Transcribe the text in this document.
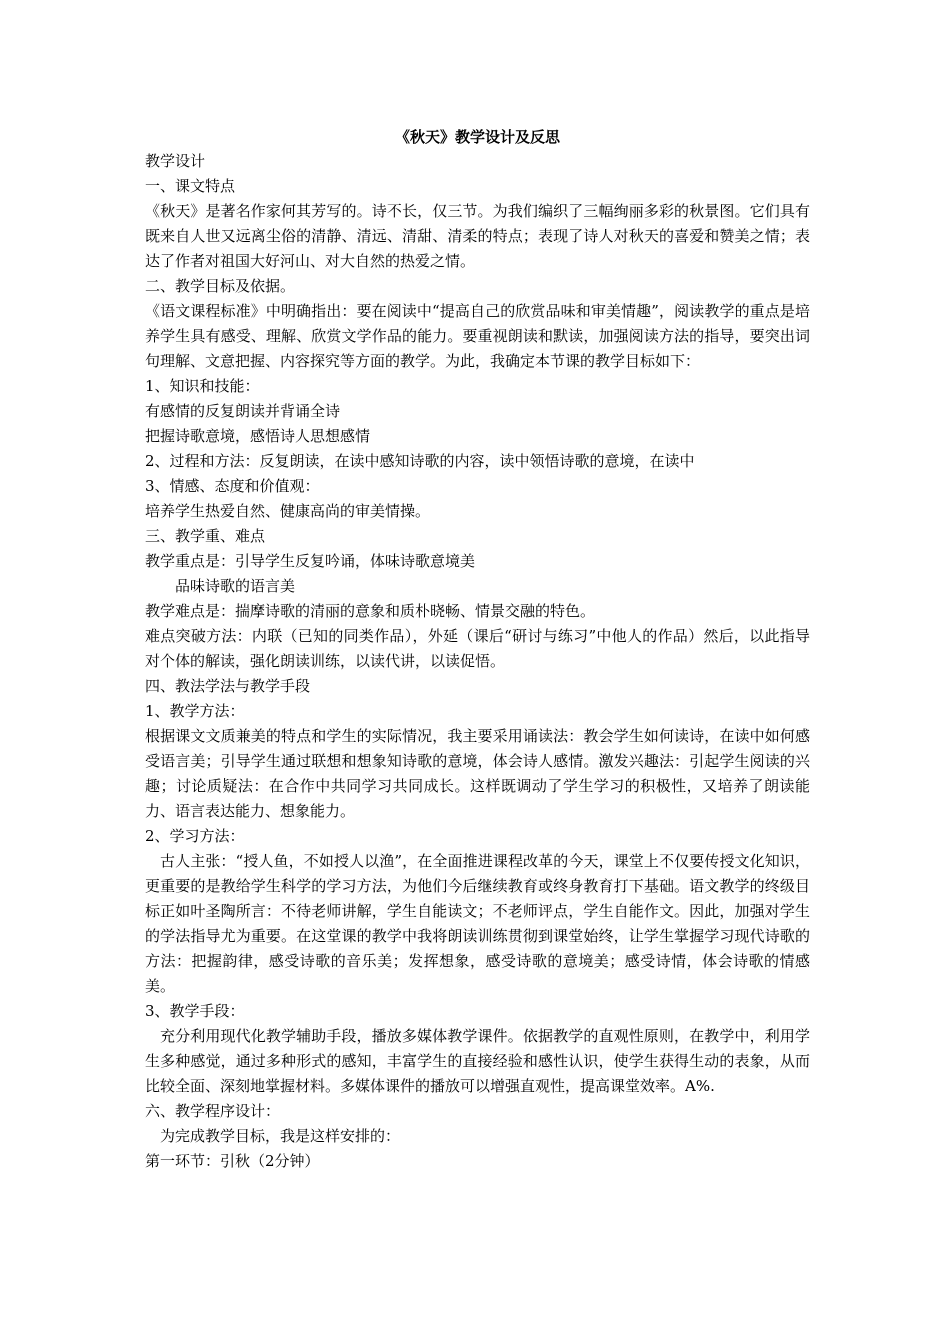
《秋天》教学设计及反思

教学设计

一、课文特点

《秋天》是著名作家何其芳写的。诗不长，仅三节。为我们编织了三幅绚丽多彩的秋景图。它们具有既来自人世又远离尘俗的清静、清远、清甜、清柔的特点；表现了诗人对秋天的喜爱和赞美之情；表达了作者对祖国大好河山、对大自然的热爱之情。

二、教学目标及依据。

《语文课程标准》中明确指出：要在阅读中“提高自己的欣赏品味和审美情趣”，阅读教学的重点是培养学生具有感受、理解、欣赏文学作品的能力。要重视朗读和默读，加强阅读方法的指导，要突出词句理解、文意把握、内容探究等方面的教学。为此，我确定本节课的教学目标如下：

1、知识和技能：

有感情的反复朗读并背诵全诗

把握诗歌意境，感悟诗人思想感情

2、过程和方法：反复朗读，在读中感知诗歌的内容，读中领悟诗歌的意境，在读中

3、情感、态度和价值观：

培养学生热爱自然、健康高尚的审美情操。

三、教学重、难点

教学重点是：引导学生反复吟诵，体味诗歌意境美

品味诗歌的语言美

教学难点是：揣摩诗歌的清丽的意象和质朴晓畅、情景交融的特色。

难点突破方法：内联（已知的同类作品），外延（课后“研讨与练习”中他人的作品）然后，以此指导对个体的解读，强化朗读训练，以读代讲，以读促悟。

四、教法学法与教学手段

1、教学方法：

根据课文文质兼美的特点和学生的实际情况，我主要采用诵读法：教会学生如何读诗，在读中如何感受语言美；引导学生通过联想和想象知诗歌的意境，体会诗人感情。激发兴趣法：引起学生阅读的兴趣；讨论质疑法：在合作中共同学习共同成长。这样既调动了学生学习的积极性，又培养了朗读能力、语言表达能力、想象能力。

2、学习方法：

古人主张：“授人鱼，不如授人以渔”，在全面推进课程改革的今天，课堂上不仅要传授文化知识，更重要的是教给学生科学的学习方法，为他们今后继续教育或终身教育打下基础。语文教学的终级目标正如叶圣陶所言：不待老师讲解，学生自能读文；不老师评点，学生自能作文。因此，加强对学生的学法指导尤为重要。在这堂课的教学中我将朗读训练贯彻到课堂始终，让学生掌握学习现代诗歌的方法：把握韵律，感受诗歌的音乐美；发挥想象，感受诗歌的意境美；感受诗情，体会诗歌的情感美。

3、教学手段：

充分利用现代化教学辅助手段，播放多媒体教学课件。依据教学的直观性原则，在教学中，利用学生多种感觉，通过多种形式的感知，丰富学生的直接经验和感性认识，使学生获得生动的表象，从而比较全面、深刻地掌握材料。多媒体课件的播放可以增强直观性，提高课堂效率。A%.

六、教学程序设计：

为完成教学目标，我是这样安排的：

第一环节：引秋（2分钟）
